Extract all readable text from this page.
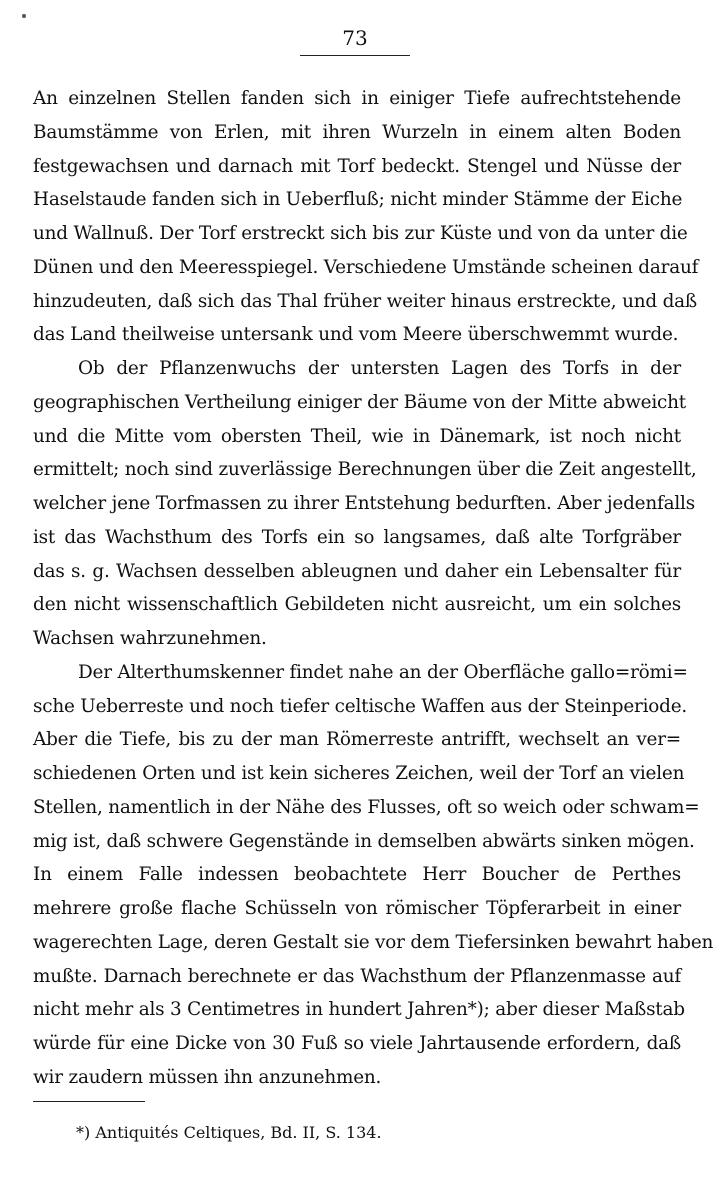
73
An einzelnen Stellen fanden sich in einiger Tiefe aufrechtstehende
Baumstämme von Erlen, mit ihren Wurzeln in einem alten Boden
festgewachsen und darnach mit Torf bedeckt. Stengel und Nüsse der
Haselstaude fanden sich in Ueberfluß; nicht minder Stämme der Eiche
und Wallnuß. Der Torf erstreckt sich bis zur Küste und von da unter die
Dünen und den Meeresspiegel. Verschiedene Umstände scheinen darauf
hinzudeuten, daß sich das Thal früher weiter hinaus erstreckte, und daß
das Land theilweise untersank und vom Meere überschwemmt wurde.
Ob der Pflanzenwuchs der untersten Lagen des Torfs in der
geographischen Vertheilung einiger der Bäume von der Mitte abweicht
und die Mitte vom obersten Theil, wie in Dänemark, ist noch nicht
ermittelt; noch sind zuverlässige Berechnungen über die Zeit angestellt,
welcher jene Torfmassen zu ihrer Entstehung bedurften. Aber jedenfalls
ist das Wachsthum des Torfs ein so langsames, daß alte Torfgräber
das s. g. Wachsen desselben ableugnen und daher ein Lebensalter für
den nicht wissenschaftlich Gebildeten nicht ausreicht, um ein solches
Wachsen wahrzunehmen.
Der Alterthumskenner findet nahe an der Oberfläche gallo=römi=
sche Ueberreste und noch tiefer celtische Waffen aus der Steinperiode.
Aber die Tiefe, bis zu der man Römerreste antrifft, wechselt an ver=
schiedenen Orten und ist kein sicheres Zeichen, weil der Torf an vielen
Stellen, namentlich in der Nähe des Flusses, oft so weich oder schwam=
mig ist, daß schwere Gegenstände in demselben abwärts sinken mögen.
In einem Falle indessen beobachtete Herr Boucher de Perthes
mehrere große flache Schüsseln von römischer Töpferarbeit in einer
wagerechten Lage, deren Gestalt sie vor dem Tiefersinken bewahrt haben
mußte. Darnach berechnete er das Wachsthum der Pflanzenmasse auf
nicht mehr als 3 Centimetres in hundert Jahren*); aber dieser Maßstab
würde für eine Dicke von 30 Fuß so viele Jahrtausende erfordern, daß
wir zaudern müssen ihn anzunehmen.
*) Antiquités Celtiques, Bd. II, S. 134.
